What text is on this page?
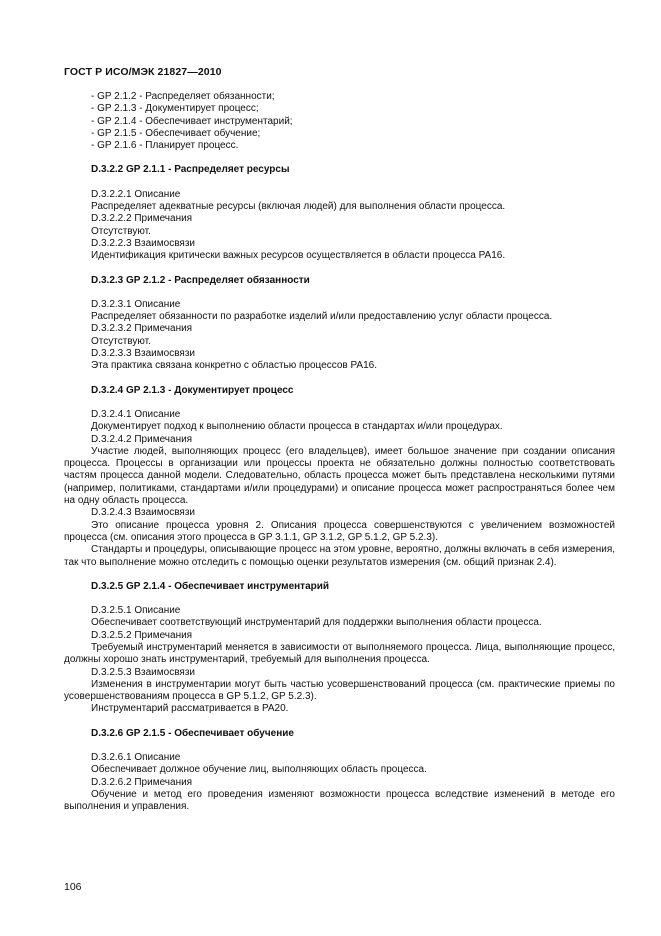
ГОСТ Р ИСО/МЭК 21827—2010

- GP 2.1.2 - Распределяет обязанности;

- GP 2.1.3 - Документирует процесс;

- GP 2.1.4 - Обеспечивает инструментарий;

- GP 2.1.5 - Обеспечивает обучение;

- GP 2.1.6 - Планирует процесс.

D.3.2.2 GP 2.1.1 - Распределяет ресурсы

D.3.2.2.1 Описание

Распределяет адекватные ресурсы (включая людей) для выполнения области процесса.

D.3.2.2.2 Примечания

Отсутствуют.

D.3.2.2.3 Взаимосвязи

Идентификация критически важных ресурсов осуществляется в области процесса PA16.

D.3.2.3 GP 2.1.2 - Распределяет обязанности

D.3.2.3.1 Описание

Распределяет обязанности по разработке изделий и/или предоставлению услуг области процесса.

D.3.2.3.2 Примечания

Отсутствуют.

D.3.2.3.3 Взаимосвязи

Эта практика связана конкретно с областью процессов PA16.

D.3.2.4 GP 2.1.3 - Документирует процесс

D.3.2.4.1 Описание

Документирует подход к выполнению области процесса в стандартах и/или процедурах.

D.3.2.4.2 Примечания

Участие людей, выполняющих процесс (его владельцев), имеет большое значение при создании описания процесса. Процессы в организации или процессы проекта не обязательно должны полностью соответствовать частям процесса данной модели. Следовательно, область процесса может быть представлена несколькими путями (например, политиками, стандартами и/или процедурами) и описание процесса может распространяться более чем на одну область процесса.

D.3.2.4.3 Взаимосвязи

Это описание процесса уровня 2. Описания процесса совершенствуются с увеличением возможностей процесса (см. описания этого процесса в GP 3.1.1, GP 3.1.2, GP 5.1.2, GP 5.2.3).

Стандарты и процедуры, описывающие процесс на этом уровне, вероятно, должны включать в себя измерения, так что выполнение можно отследить с помощью оценки результатов измерения (см. общий признак 2.4).

D.3.2.5 GP 2.1.4 - Обеспечивает инструментарий

D.3.2.5.1 Описание

Обеспечивает соответствующий инструментарий для поддержки выполнения области процесса.

D.3.2.5.2 Примечания

Требуемый инструментарий меняется в зависимости от выполняемого процесса. Лица, выполняющие процесс, должны хорошо знать инструментарий, требуемый для выполнения процесса.

D.3.2.5.3 Взаимосвязи

Изменения в инструментарии могут быть частью усовершенствований процесса (см. практические приемы по усовершенствованиям процесса в GP 5.1.2, GP 5.2.3).

Инструментарий рассматривается в PA20.

D.3.2.6 GP 2.1.5 - Обеспечивает обучение

D.3.2.6.1 Описание

Обеспечивает должное обучение лиц, выполняющих область процесса.

D.3.2.6.2 Примечания

Обучение и метод его проведения изменяют возможности процесса вследствие изменений в методе его выполнения и управления.

106
